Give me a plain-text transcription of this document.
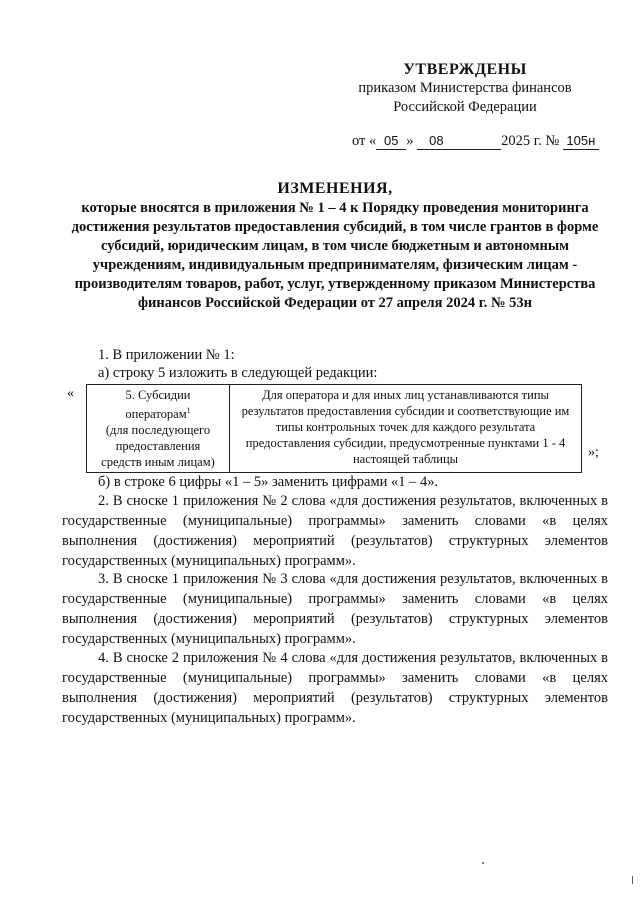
УТВЕРЖДЕНЫ
приказом Министерства финансов
Российской Федерации
от « 05 » 08	2025 г. № 105н
ИЗМЕНЕНИЯ,
которые вносятся в приложения № 1 – 4 к Порядку проведения мониторинга достижения результатов предоставления субсидий, в том числе грантов в форме субсидий, юридическим лицам, в том числе бюджетным и автономным учреждениям, индивидуальным предпринимателям, физическим лицам - производителям товаров, работ, услуг, утвержденному приказом Министерства финансов Российской Федерации от 27 апреля 2024 г. № 53н
1. В приложении № 1:
а) строку 5 изложить в следующей редакции:
«	5. Субсидии
операторам$^1$
(для последующего
предоставления
средств иным лицам)
	Для оператора и для иных лиц устанавливаются типы результатов предоставления субсидии и соответствующие им типы контрольных точек для каждого результата предоставления субсидии, предусмотренные пунктами 1 - 4 настоящей таблицы	»;
б) в строке 6 цифры «1 – 5» заменить цифрами «1 – 4».
2. В сноске 1 приложения № 2 слова «для достижения результатов, включенных в государственные (муниципальные) программы» заменить словами «в целях выполнения (достижения) мероприятий (результатов) структурных элементов государственных (муниципальных) программ».
3. В сноске 1 приложения № 3 слова «для достижения результатов, включенных в государственные (муниципальные) программы» заменить словами «в целях выполнения (достижения) мероприятий (результатов) структурных элементов государственных (муниципальных) программ».
4. В сноске 2 приложения № 4 слова «для достижения результатов, включенных в государственные (муниципальные) программы» заменить словами «в целях выполнения (достижения) мероприятий (результатов) структурных элементов государственных (муниципальных) программ».
